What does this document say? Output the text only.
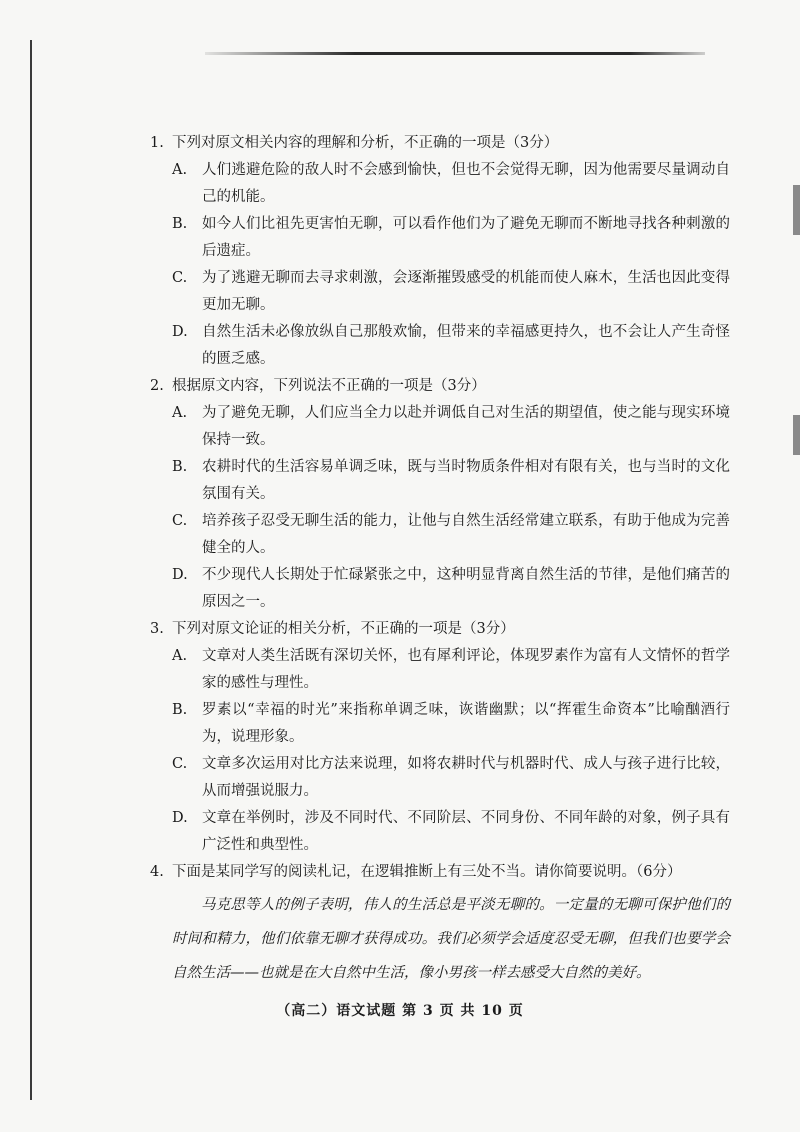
1. 下列对原文相关内容的理解和分析，不正确的一项是（3分）
A.	人们逃避危险的敌人时不会感到愉快，但也不会觉得无聊，因为他需要尽量调动自己的机能。
B.	如今人们比祖先更害怕无聊，可以看作他们为了避免无聊而不断地寻找各种刺激的后遗症。
C.	为了逃避无聊而去寻求刺激，会逐渐摧毁感受的机能而使人麻木，生活也因此变得更加无聊。
D. 自然生活未必像放纵自己那般欢愉，但带来的幸福感更持久，也不会让人产生奇怪的匮乏感。
2. 根据原文内容，下列说法不正确的一项是（3分）
A.	为了避免无聊，人们应当全力以赴并调低自己对生活的期望值，使之能与现实环境保持一致。
B.	农耕时代的生活容易单调乏味，既与当时物质条件相对有限有关，也与当时的文化氛围有关。
C.	培养孩子忍受无聊生活的能力，让他与自然生活经常建立联系，有助于他成为完善健全的人。
D. 不少现代人长期处于忙碌紧张之中，这种明显背离自然生活的节律，是他们痛苦的原因之一。
3. 下列对原文论证的相关分析，不正确的一项是（3分）
A.	文章对人类生活既有深切关怀，也有犀利评论，体现罗素作为富有人文情怀的哲学家的感性与理性。
B.	罗素以“幸福的时光”来指称单调乏味，诙谐幽默；以“挥霍生命资本”比喻酗酒行为，说理形象。
C.	文章多次运用对比方法来说理，如将农耕时代与机器时代、成人与孩子进行比较，从而增强说服力。
D. 文章在举例时，涉及不同时代、不同阶层、不同身份、不同年龄的对象，例子具有广泛性和典型性。
4. 下面是某同学写的阅读札记，在逻辑推断上有三处不当。请你简要说明。（6分）
马克思等人的例子表明，伟人的生活总是平淡无聊的。一定量的无聊可保护他们的时间和精力，他们依靠无聊才获得成功。我们必须学会适度忍受无聊，但我们也要学会自然生活——也就是在大自然中生活，像小男孩一样去感受大自然的美好。
（高二）语文试题 第 3 页 共 10 页
